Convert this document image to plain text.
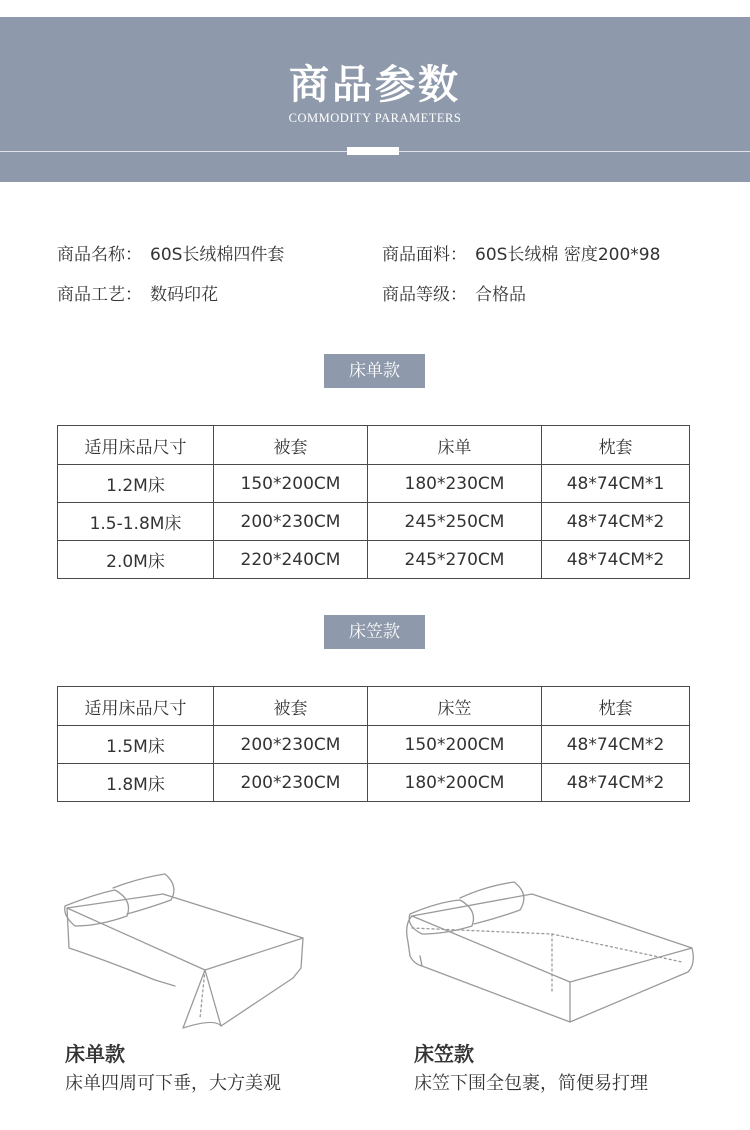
商品参数
COMMODITY PARAMETERS
商品名称： 60S长绒棉四件套	商品面料： 60S长绒棉 密度200*98
商品工艺： 数码印花	商品等级： 合格品
床单款
适用床品尺寸	被套	床单	枕套
1.2M床	150*200CM	180*230CM	48*74CM*1
1.5-1.8M床	200*230CM	245*250CM	48*74CM*2
2.0M床	220*240CM	245*270CM	48*74CM*2
床笠款
适用床品尺寸	被套	床笠	枕套
1.5M床	200*230CM	150*200CM	48*74CM*2
1.8M床	200*230CM	180*200CM	48*74CM*2
床单款
床单四周可下垂，大方美观
床笠款
床笠下围全包裹，简便易打理
